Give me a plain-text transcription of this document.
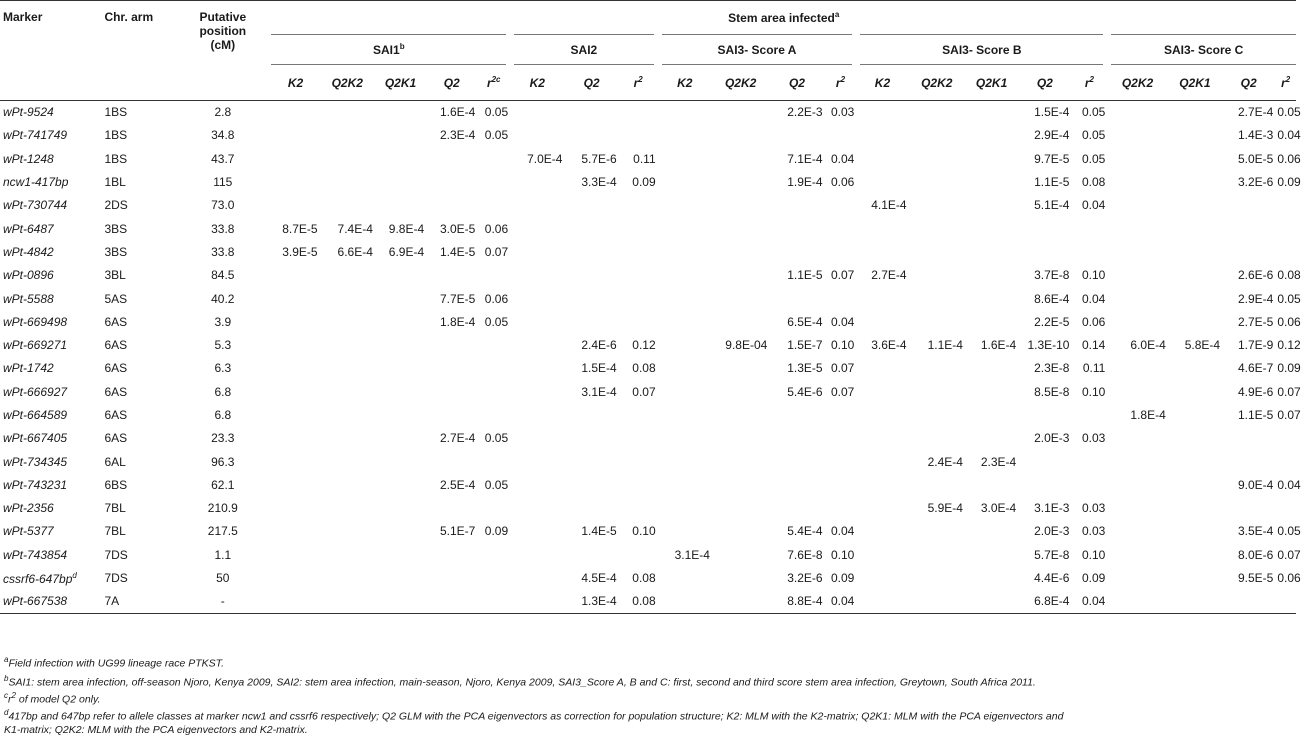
Marker	Chr. arm	Putative
position
(cM)	Stem area infected$^a$
			SAI1$^b$					SAI2			SAI3- Score A				SAI3- Score B					SAI3- Score C			
			K2	Q2K2	Q2K1	Q2	$r^{2c}$	K2	Q2	$r^2$	K2	Q2K2	Q2	$r^2$	K2	Q2K2	Q2K1	Q2	$r^2$	Q2K2	Q2K1	Q2	$r^2$
wPt-9524	1BS	2.8				1.6E-4	0.05						2.2E-3	0.03				1.5E-4	0.05			2.7E-4	0.05
wPt-741749	1BS	34.8				2.3E-4	0.05											2.9E-4	0.05			1.4E-3	0.04
wPt-1248	1BS	43.7						7.0E-4	5.7E-6	0.11			7.1E-4	0.04				9.7E-5	0.05			5.0E-5	0.06
ncw1-417bp	1BL	115							3.3E-4	0.09			1.9E-4	0.06				1.1E-5	0.08			3.2E-6	0.09
wPt-730744	2DS	73.0													4.1E-4			5.1E-4	0.04				
wPt-6487	3BS	33.8	8.7E-5	7.4E-4	9.8E-4	3.0E-5	0.06																
wPt-4842	3BS	33.8	3.9E-5	6.6E-4	6.9E-4	1.4E-5	0.07																
wPt-0896	3BL	84.5											1.1E-5	0.07	2.7E-4			3.7E-8	0.10			2.6E-6	0.08
wPt-5588	5AS	40.2				7.7E-5	0.06											8.6E-4	0.04			2.9E-4	0.05
wPt-669498	6AS	3.9				1.8E-4	0.05						6.5E-4	0.04				2.2E-5	0.06			2.7E-5	0.06
wPt-669271	6AS	5.3							2.4E-6	0.12		9.8E-04	1.5E-7	0.10	3.6E-4	1.1E-4	1.6E-4	1.3E-10	0.14	6.0E-4	5.8E-4	1.7E-9	0.12
wPt-1742	6AS	6.3							1.5E-4	0.08			1.3E-5	0.07				2.3E-8	0.11			4.6E-7	0.09
wPt-666927	6AS	6.8							3.1E-4	0.07			5.4E-6	0.07				8.5E-8	0.10			4.9E-6	0.07
wPt-664589	6AS	6.8																		1.8E-4		1.1E-5	0.07
wPt-667405	6AS	23.3				2.7E-4	0.05											2.0E-3	0.03				
wPt-734345	6AL	96.3														2.4E-4	2.3E-4						
wPt-743231	6BS	62.1				2.5E-4	0.05															9.0E-4	0.04
wPt-2356	7BL	210.9														5.9E-4	3.0E-4	3.1E-3	0.03				
wPt-5377	7BL	217.5				5.1E-7	0.09		1.4E-5	0.10			5.4E-4	0.04				2.0E-3	0.03			3.5E-4	0.05
wPt-743854	7DS	1.1									3.1E-4		7.6E-8	0.10				5.7E-8	0.10			8.0E-6	0.07
$cssrf6-647bp^d$	7DS	50							4.5E-4	0.08			3.2E-6	0.09				4.4E-6	0.09			9.5E-5	0.06
wPt-667538	7A	-							1.3E-4	0.08			8.8E-4	0.04				6.8E-4	0.04				
$^a$Field infection with UG99 lineage race PTKST.
$^b$SAI1: stem area infection, off-season Njoro, Kenya 2009, SAI2: stem area infection, main-season, Njoro, Kenya 2009, SAI3_Score A, B and C: first, second and third score stem area infection, Greytown, South Africa 2011.
$^cr^2$ of model Q2 only.
$^d$417bp and 647bp refer to allele classes at marker ncw1 and cssrf6 respectively; Q2 GLM with the PCA eigenvectors as correction for population structure; K2: MLM with the K2-matrix; Q2K1: MLM with the PCA eigenvectors and
K1-matrix; Q2K2: MLM with the PCA eigenvectors and K2-matrix.
